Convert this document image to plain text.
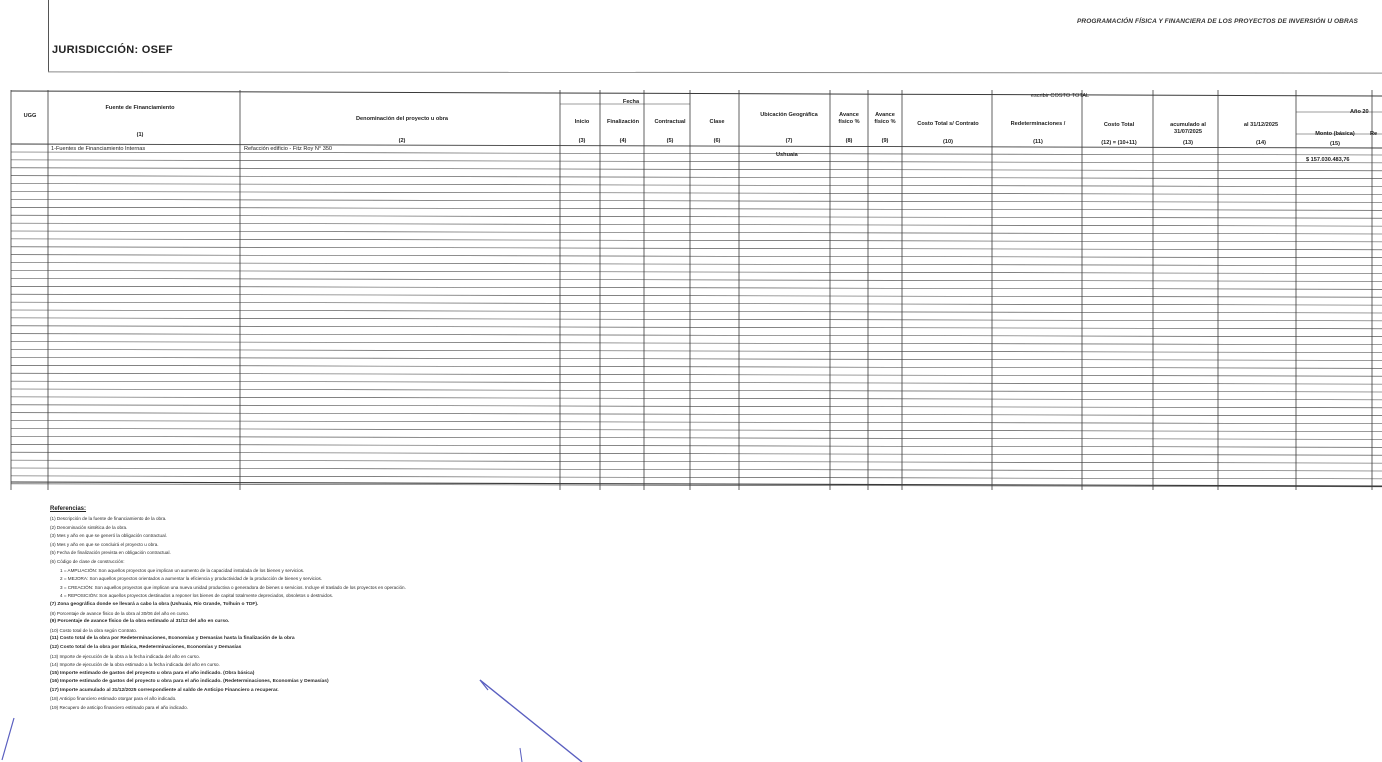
PROGRAMACIÓN FÍSICA Y FINANCIERA DE LOS PROYECTOS DE INVERSIÓN U OBRAS
JURISDICCIÓN: OSEF
Fecha
escribir COSTO TOTAL
Año 20
UGG
Fuente de Financiamiento
(1)
Denominación del proyecto u obra
(2)
Inicio
(3)
Finalización
(4)
Contractual
(5)
Clase
(6)
Ubicación Geográfica
(7)
Avance físico %
(8)
Avance físico %
(9)
Costo Total s/ Contrato
(10)
Redeterminaciones /
(11)
Costo Total
(12) = (10+11)
acumulado al 31/07/2025
(13)
al 31/12/2025
(14)
Monto (básica)
(15)
Re
1-Fuentes de Financiamiento Internas	Refacción edificio - Fitz Roy N° 350
Ushuaia
$ 157.030.483,76
Referencias:
(1) Descripción de la fuente de financiamiento de la obra.
(2) Denominación sintética de la obra.
(3) Mes y año en que se generó la obligación contractual.
(4) Mes y año en que se concluirá el proyecto u obra.
(5) Fecha de finalización prevista en obligación contractual.
(6) Código de clase de construcción:
1 = AMPLIACIÓN: Son aquellos proyectos que implican un aumento de la capacidad instalada de los bienes y servicios.
2 = MEJORA: Son aquellos proyectos orientados a aumentar la eficiencia y productividad de la producción de bienes y servicios.
3 = CREACIÓN: Son aquellos proyectos que implican una nueva unidad productiva o generadora de bienes o servicios. Incluye el traslado de los proyectos en operación.
4 = REPOSICIÓN: Son aquellos proyectos destinados a reponer los bienes de capital totalmente depreciados, obsoletos o destruidos.
(7) Zona geográfica donde se llevará a cabo la obra (Ushuaia, Río Grande, Tolhuin o TDF).
(8) Porcentaje de avance físico de la obra al 30/06 del año en curso.
(9) Porcentaje de avance físico de la obra estimado al 31/12 del año en curso.
(10) Costo total de la obra según Contrato.
(11) Costo total de la obra por Redeterminaciones, Economías y Demasías hasta la finalización de la obra
(12) Costo total de la obra por Básica, Redeterminaciones, Economías y Demasías
(13) Importe de ejecución de la obra a la fecha indicada del año en curso.
(14) Importe de ejecución de la obra estimado a la fecha indicada del año en curso.
(15) Importe estimado de gastos del proyecto u obra para el año indicado. (Obra básica)
(16) Importe estimado de gastos del proyecto u obra para el año indicado. (Redeterminaciones, Economías y Demasías)
(17) Importe acumulado al 31/12/2025 correspondiente al saldo de Anticipo Financiero a recuperar.
(18) Anticipo financiero estimado otorgar para el año indicado.
(19) Recupero de anticipo financiero estimado para el año indicado.
